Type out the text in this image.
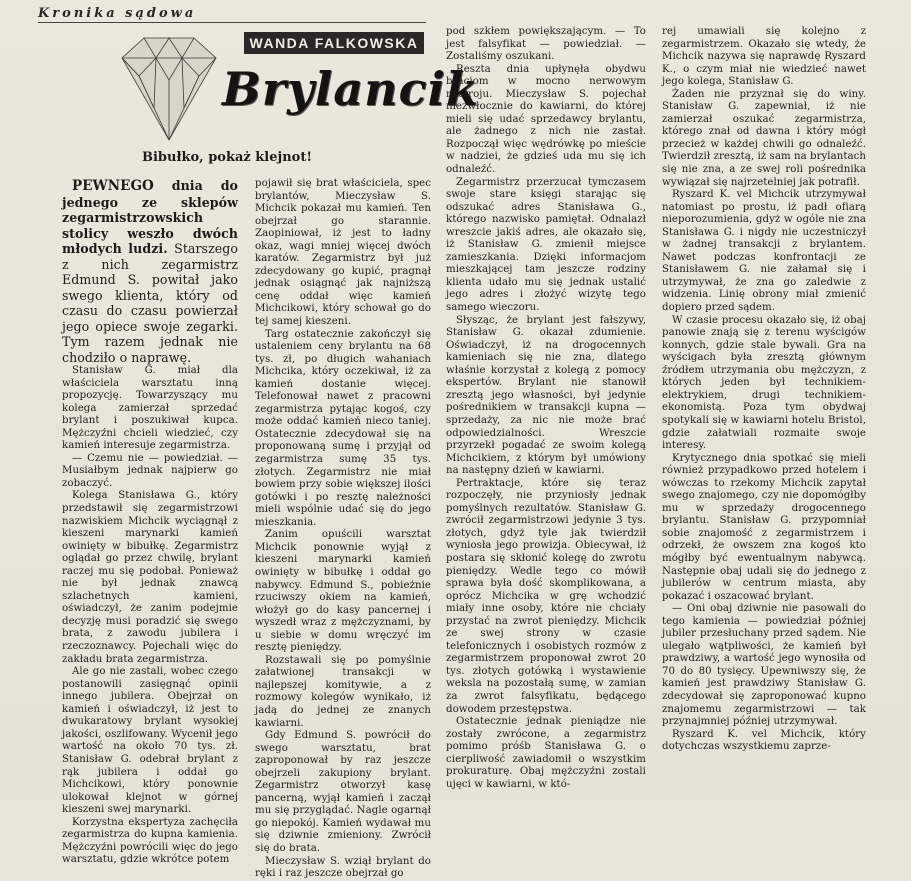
Kronika sądowa
WANDA FALKOWSKA
Brylancik
Bibułko, pokaż klejnot!

PEWNEGO dnia do jednego ze sklepów zegarmistrzowskich stolicy weszło dwóch młodych ludzi. Starszego z nich zegarmistrz Edmund S. powitał jako swego klienta, który od czasu do czasu powierzał jego opiece swoje zegarki. Tym razem jednak nie chodziło o naprawę.

Stanisław G. miał dla właściciela warsztatu inną propozycję. Towarzyszący mu kolega zamierzał sprzedać brylant i poszukiwał kupca. Mężczyźni chcieli wiedzieć, czy kamień interesuje zegarmistrza.

— Czemu nie — powiedział. — Musiałbym jednak najpierw go zobaczyć.

Kolega Stanisława G., który przedstawił się zegarmistrzowi nazwiskiem Michcik wyciągnął z kieszeni marynarki kamień owinięty w bibułkę. Zegarmistrz oglądał go przez chwilę, brylant raczej mu się podobał. Ponieważ nie był jednak znawcą szlachetnych kamieni, oświadczył, że zanim podejmie decyzję musi poradzić się swego brata, z zawodu jubilera i rzeczoznawcy. Pojechali więc do zakładu brata zegarmistrza.

Ale go nie zastali, wobec czego postanowili zasięgnąć opinii innego jubilera. Obejrzał on kamień i oświadczył, iż jest to dwukaratowy brylant wysokiej jakości, oszlifowany. Wycenił jego wartość na około 70 tys. zł. Stanisław G. odebrał brylant z rąk jubilera i oddał go Michcikowi, który ponownie ulokował klejnot w górnej kieszeni swej marynarki.

Korzystna ekspertyza zachęciła zegarmistrza do kupna kamienia. Mężczyźni powrócili więc do jego warsztatu, gdzie wkrótce potem

pojawił się brat właściciela, spec brylantów, Mieczysław S. Michcik pokazał mu kamień. Ten obejrzał go starannie. Zaopiniował, iż jest to ładny okaz, wagi mniej więcej dwóch karatów. Zegarmistrz był już zdecydowany go kupić, pragnął jednak osiągnąć jak najniższą cenę oddał więc kamień Michcikowi, który schował go do tej samej kieszeni.

Targ ostatecznie zakończył się ustaleniem ceny brylantu na 68 tys. zł, po długich wahaniach Michcika, który oczekiwał, iż za kamień dostanie więcej. Telefonował nawet z pracowni zegarmistrza pytając kogoś, czy może oddać kamień nieco taniej. Ostatecznie zdecydował się na proponowaną sumę i przyjął od zegarmistrza sumę 35 tys. złotych. Zegarmistrz nie miał bowiem przy sobie większej ilości gotówki i po resztę należności mieli wspólnie udać się do jego mieszkania.

Zanim opuścili warsztat Michcik ponownie wyjął z kieszeni marynarki kamień owinięty w bibułkę i oddał go nabywcy. Edmund S., pobieżnie rzuciwszy okiem na kamień, włożył go do kasy pancernej i wyszedł wraz z mężczyznami, by u siebie w domu wręczyć im resztę pieniędzy.

Rozstawali się po pomyślnie załatwionej transakcji w najlepszej komitywie, a z rozmowy kolegów wynikało, iż jadą do jednej ze znanych kawiarni.

Gdy Edmund S. powrócił do swego warsztatu, brat zaproponował by raz jeszcze obejrzeli zakupiony brylant. Zegarmistrz otworzył kasę pancerną, wyjął kamień i zaczął mu się przyglądać. Nagle ogarnął go niepokój. Kamień wydawał mu się dziwnie zmieniony. Zwrócił się do brata.

Mieczysław S. wziął brylant do ręki i raz jeszcze obejrzał go

pod szkłem powiększającym. — To jest falsyfikat — powiedział. — Zostaliśmy oszukani.

Reszta dnia upłynęła obydwu braciom w mocno nerwowym nastroju. Mieczysław S. pojechał niezwłocznie do kawiarni, do której mieli się udać sprzedawcy brylantu, ale żadnego z nich nie zastał. Rozpoczął więc wędrówkę po mieście w nadziei, że gdzieś uda mu się ich odnaleźć.

Zegarmistrz przerzucał tymczasem swoje stare księgi starając się odszukać adres Stanisława G., którego nazwisko pamiętał. Odnalazł wreszcie jakiś adres, ale okazało się, iż Stanisław G. zmienił miejsce zamieszkania. Dzięki informacjom mieszkającej tam jeszcze rodziny klienta udało mu się jednak ustalić jego adres i złożyć wizytę tego samego wieczoru.

Słysząc, że brylant jest fałszywy, Stanisław G. okazał zdumienie. Oświadczył, iż na drogocennych kamieniach się nie zna, dlatego właśnie korzystał z kolegą z pomocy ekspertów. Brylant nie stanowił zresztą jego własności, był jedynie pośrednikiem w transakcji kupna — sprzedaży, za nic nie może brać odpowiedzialności. Wreszcie przyrzekł pogadać ze swoim kolegą Michcikiem, z którym był umówiony na następny dzień w kawiarni.

Pertraktacje, które się teraz rozpoczęły, nie przyniosły jednak pomyślnych rezultatów. Stanisław G. zwrócił zegarmistrzowi jedynie 3 tys. złotych, gdyż tyle jak twierdził wyniosła jego prowizja. Obiecywał, iż postara się skłonić kolegę do zwrotu pieniędzy. Wedle tego co mówił sprawa była dość skomplikowana, a oprócz Michcika w grę wchodzić miały inne osoby, które nie chciały przystać na zwrot pieniędzy. Michcik ze swej strony w czasie telefonicznych i osobistych rozmów z zegarmistrzem proponował zwrot 20 tys. złotych gotówką i wystawienie weksla na pozostałą sumę, w zamian za zwrot falsyfikatu, będącego dowodem przestępstwa.

Ostatecznie jednak pieniądze nie zostały zwrócone, a zegarmistrz pomimo próśb Stanisława G. o cierpliwość zawiadomił o wszystkim prokuraturę. Obaj mężczyźni zostali ujęci w kawiarni, w któ-

rej umawiali się kolejno z zegarmistrzem. Okazało się wtedy, że Michcik nazywa się naprawdę Ryszard K., o czym miał nie wiedzieć nawet jego kolega, Stanisław G.

Żaden nie przyznał się do winy. Stanisław G. zapewniał, iż nie zamierzał oszukać zegarmistrza, którego znał od dawna i który mógł przecież w każdej chwili go odnaleźć. Twierdził zresztą, iż sam na brylantach się nie zna, a ze swej roli pośrednika wywiązał się najrzetelniej jak potrafił.

Ryszard K. vel Michcik utrzymywał natomiast po prostu, iż padł ofiarą nieporozumienia, gdyż w ogóle nie zna Stanisława G. i nigdy nie uczestniczył w żadnej transakcji z brylantem. Nawet podczas konfrontacji ze Stanisławem G. nie załamał się i utrzymywał, że zna go zaledwie z widzenia. Linię obrony miał zmienić dopiero przed sądem.

W czasie procesu okazało się, iż obaj panowie znają się z terenu wyścigów konnych, gdzie stale bywali. Gra na wyścigach była zresztą głównym źródłem utrzymania obu mężczyzn, z których jeden był technikiem-elektrykiem, drugi technikiem-ekonomistą. Poza tym obydwaj spotykali się w kawiarni hotelu Bristol, gdzie załatwiali rozmaite swoje interesy.

Krytycznego dnia spotkać się mieli również przypadkowo przed hotelem i wówczas to rzekomy Michcik zapytał swego znajomego, czy nie dopomógłby mu w sprzedaży drogocennego brylantu. Stanisław G. przypomniał sobie znajomość z zegarmistrzem i odrzekł, że owszem zna kogoś kto mógłby być ewentualnym nabywcą. Następnie obaj udali się do jednego z jubilerów w centrum miasta, aby pokazać i oszacować brylant.

— Oni obaj dziwnie nie pasowali do tego kamienia — powiedział później jubiler przesłuchany przed sądem. Nie ulegało wątpliwości, że kamień był prawdziwy, a wartość jego wynosiła od 70 do 80 tysięcy. Upewniwszy się, że kamień jest prawdziwy Stanisław G. zdecydował się zaproponować kupno znajomemu zegarmistrzowi — tak przynajmniej później utrzymywał.

Ryszard K. vel Michcik, który dotychczas wszystkiemu zaprze-
